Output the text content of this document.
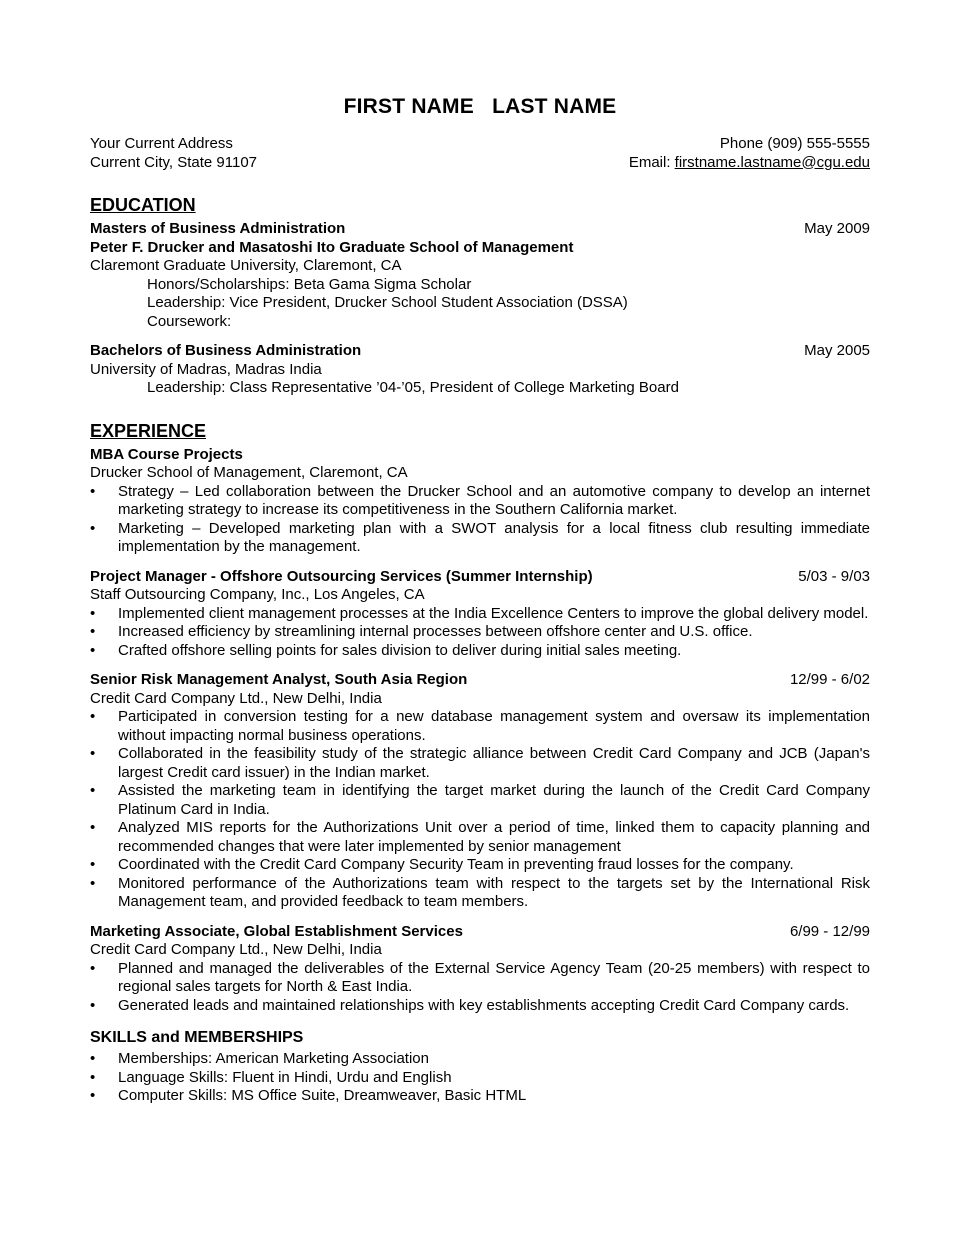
FIRST NAME LAST NAME
Your Current Address
Current City, State 91107
Phone (909) 555-5555
Email: firstname.lastname@cgu.edu
EDUCATION
Masters of Business Administration	May 2009
Peter F. Drucker and Masatoshi Ito Graduate School of Management
Claremont Graduate University, Claremont, CA
Honors/Scholarships: Beta Gama Sigma Scholar
Leadership: Vice President, Drucker School Student Association (DSSA)
Coursework:
Bachelors of Business Administration	May 2005
University of Madras, Madras India
Leadership: Class Representative ’04-’05, President of College Marketing Board
EXPERIENCE
MBA Course Projects
Drucker School of Management, Claremont, CA
• Strategy – Led collaboration between the Drucker School and an automotive company to develop an internet marketing strategy to increase its competitiveness in the Southern California market.
• Marketing – Developed marketing plan with a SWOT analysis for a local fitness club resulting immediate implementation by the management.
Project Manager - Offshore Outsourcing Services (Summer Internship)	5/03 - 9/03
Staff Outsourcing Company, Inc., Los Angeles, CA
• Implemented client management processes at the India Excellence Centers to improve the global delivery model.
• Increased efficiency by streamlining internal processes between offshore center and U.S. office.
• Crafted offshore selling points for sales division to deliver during initial sales meeting.
Senior Risk Management Analyst, South Asia Region	12/99 - 6/02
Credit Card Company Ltd., New Delhi, India
• Participated in conversion testing for a new database management system and oversaw its implementation without impacting normal business operations.
• Collaborated in the feasibility study of the strategic alliance between Credit Card Company and JCB (Japan's largest Credit card issuer) in the Indian market.
• Assisted the marketing team in identifying the target market during the launch of the Credit Card Company Platinum Card in India.
• Analyzed MIS reports for the Authorizations Unit over a period of time, linked them to capacity planning and recommended changes that were later implemented by senior management
• Coordinated with the Credit Card Company Security Team in preventing fraud losses for the company.
• Monitored performance of the Authorizations team with respect to the targets set by the International Risk Management team, and provided feedback to team members.
Marketing Associate, Global Establishment Services	6/99 - 12/99
Credit Card Company Ltd., New Delhi, India
• Planned and managed the deliverables of the External Service Agency Team (20-25 members) with respect to regional sales targets for North & East India.
• Generated leads and maintained relationships with key establishments accepting Credit Card Company cards.
SKILLS and MEMBERSHIPS
• Memberships: American Marketing Association
• Language Skills: Fluent in Hindi, Urdu and English
• Computer Skills: MS Office Suite, Dreamweaver, Basic HTML
